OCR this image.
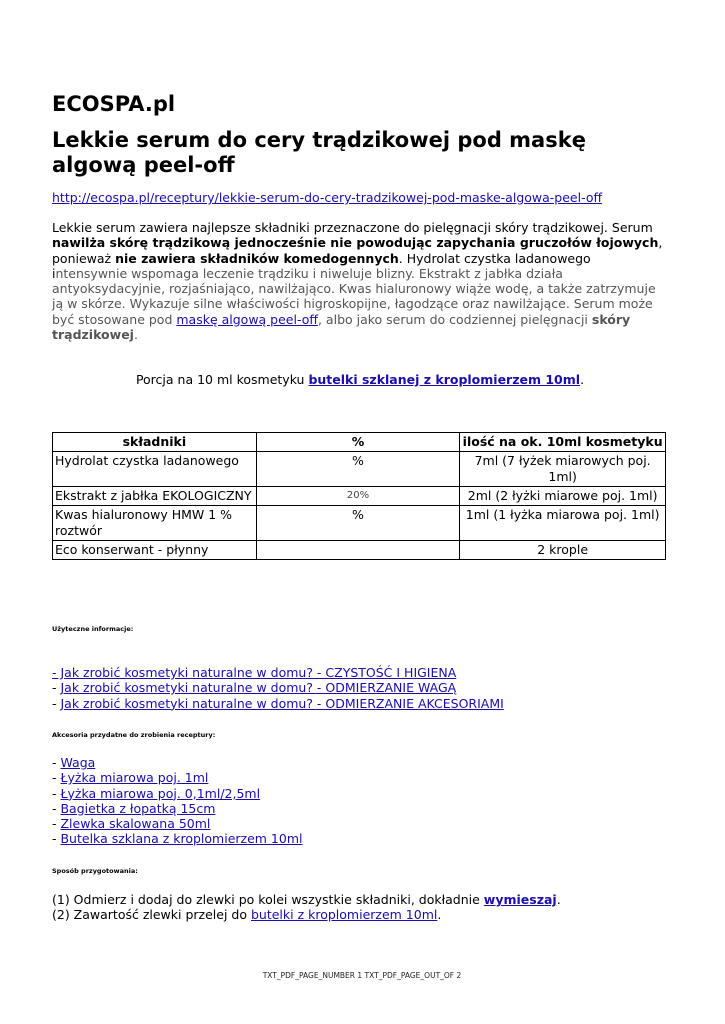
ECOSPA.pl
Lekkie serum do cery trądzikowej pod maskę algową peel-off
http://ecospa.pl/receptury/lekkie-serum-do-cery-tradzikowej-pod-maske-algowa-peel-off
Lekkie serum zawiera najlepsze składniki przeznaczone do pielęgnacji skóry trądzikowej. Serum nawilża skórę trądzikową jednocześnie nie powodując zapychania gruczołów łojowych, ponieważ nie zawiera składników komedogennych. Hydrolat czystka ladanowego intensywnie wspomaga leczenie trądziku i niweluje blizny. Ekstrakt z jabłka działa antyoksydacyjnie, rozjaśniająco, nawilżająco. Kwas hialuronowy wiąże wodę, a także zatrzymuje ją w skórze. Wykazuje silne właściwości higroskopijne, łagodzące oraz nawilżające. Serum może być stosowane pod maskę algową peel-off, albo jako serum do codziennej pielęgnacji skóry trądzikowej.
Porcja na 10 ml kosmetyku butelki szklanej z kroplomierzem 10ml.
składniki	%	ilość na ok. 10ml kosmetyku
Hydrolat czystka ladanowego	%	7ml (7 łyżek miarowych poj. 1ml)
Ekstrakt z jabłka EKOLOGICZNY	20%	2ml (2 łyżki miarowe poj. 1ml)
Kwas hialuronowy HMW 1 % roztwór	%	1ml (1 łyżka miarowa poj. 1ml)
Eco konserwant - płynny		2 krople
Użyteczne informacje:
- Jak zrobić kosmetyki naturalne w domu? - CZYSTOŚĆ I HIGIENA
- Jak zrobić kosmetyki naturalne w domu? - ODMIERZANIE WAGĄ
- Jak zrobić kosmetyki naturalne w domu? - ODMIERZANIE AKCESORIAMI
Akcesoria przydatne do zrobienia receptury:
- Waga
- Łyżka miarowa poj. 1ml
- Łyżka miarowa poj. 0,1ml/2,5ml
- Bagietka z łopatką 15cm
- Zlewka skalowana 50ml
- Butelka szklana z kroplomierzem 10ml
Sposób przygotowania:
(1) Odmierz i dodaj do zlewki po kolei wszystkie składniki, dokładnie wymieszaj.
(2) Zawartość zlewki przelej do butelki z kroplomierzem 10ml.
TXT_PDF_PAGE_NUMBER 1 TXT_PDF_PAGE_OUT_OF 2
